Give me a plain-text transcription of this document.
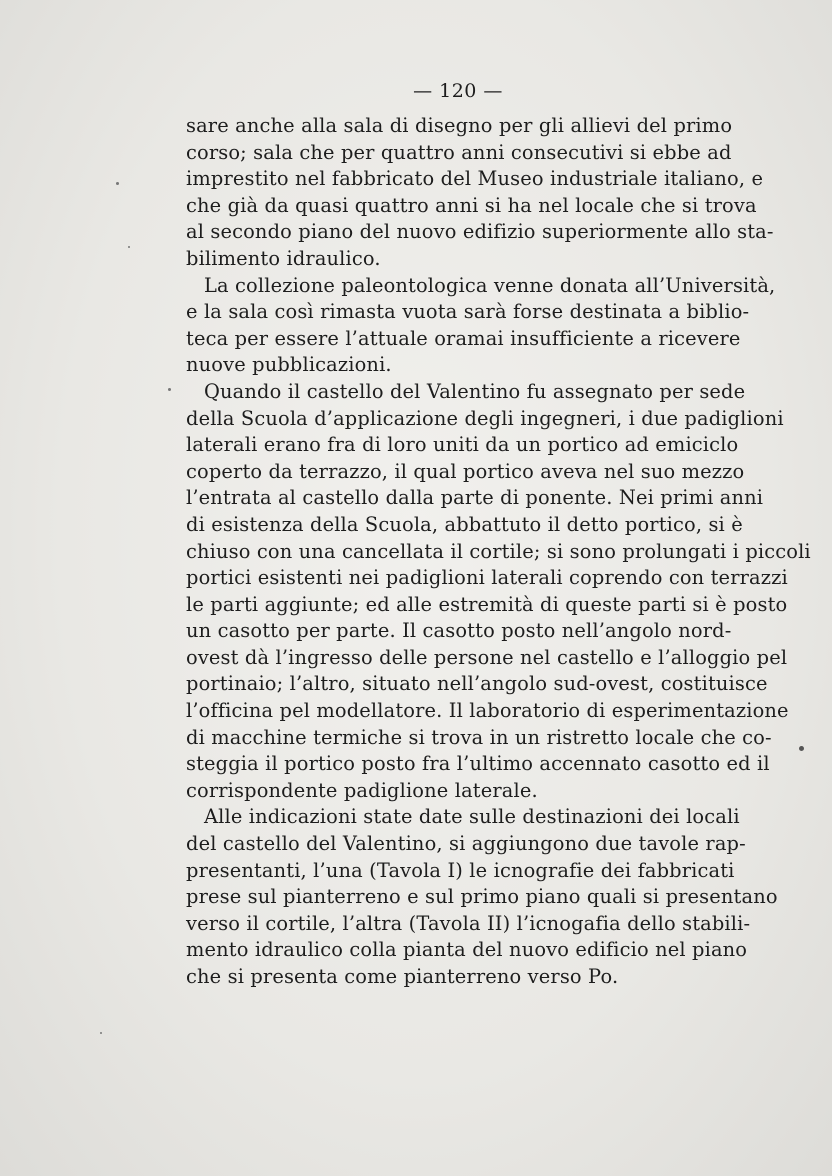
— 120 —
sare anche alla sala di disegno per gli allievi del primo
corso; sala che per quattro anni consecutivi si ebbe ad
imprestito nel fabbricato del Museo industriale italiano, e
che già da quasi quattro anni si ha nel locale che si trova
al secondo piano del nuovo edifizio superiormente allo sta-
bilimento idraulico.
La collezione paleontologica venne donata all’Università,
e la sala così rimasta vuota sarà forse destinata a biblio-
teca per essere l’attuale oramai insufficiente a ricevere
nuove pubblicazioni.
Quando il castello del Valentino fu assegnato per sede
della Scuola d’applicazione degli ingegneri, i due padiglioni
laterali erano fra di loro uniti da un portico ad emiciclo
coperto da terrazzo, il qual portico aveva nel suo mezzo
l’entrata al castello dalla parte di ponente. Nei primi anni
di esistenza della Scuola, abbattuto il detto portico, si è
chiuso con una cancellata il cortile; si sono prolungati i piccoli
portici esistenti nei padiglioni laterali coprendo con terrazzi
le parti aggiunte; ed alle estremità di queste parti si è posto
un casotto per parte. Il casotto posto nell’angolo nord-
ovest dà l’ingresso delle persone nel castello e l’alloggio pel
portinaio; l’altro, situato nell’angolo sud-ovest, costituisce
l’officina pel modellatore. Il laboratorio di esperimentazione
di macchine termiche si trova in un ristretto locale che co-
steggia il portico posto fra l’ultimo accennato casotto ed il
corrispondente padiglione laterale.
Alle indicazioni state date sulle destinazioni dei locali
del castello del Valentino, si aggiungono due tavole rap-
presentanti, l’una (Tavola I) le icnografie dei fabbricati
prese sul pianterreno e sul primo piano quali si presentano
verso il cortile, l’altra (Tavola II) l’icnogafia dello stabili-
mento idraulico colla pianta del nuovo edificio nel piano
che si presenta come pianterreno verso Po.
